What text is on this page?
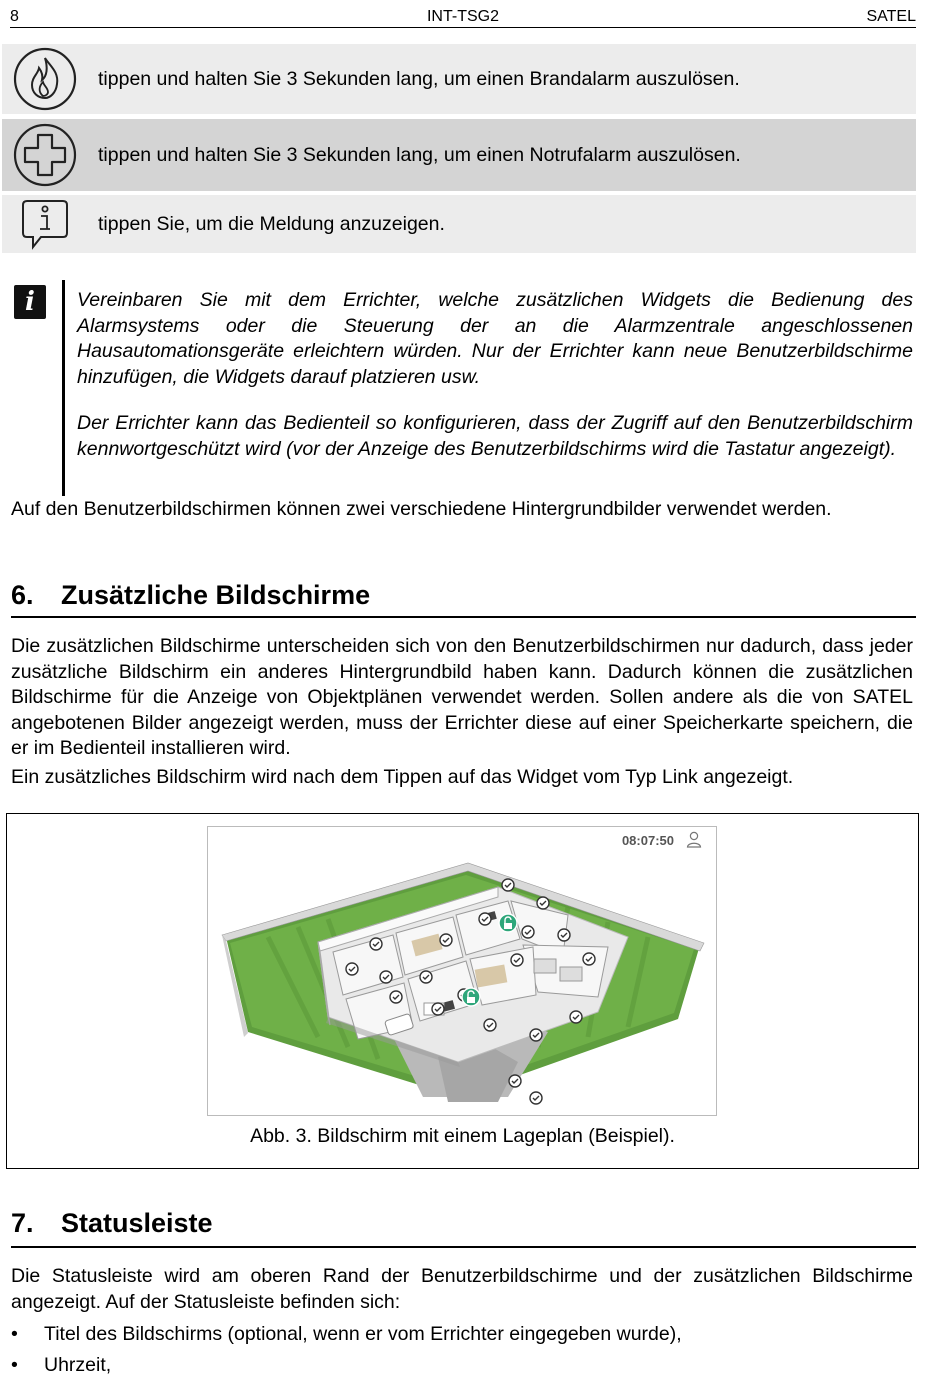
8	INT-TSG2	SATEL
tippen und halten Sie 3 Sekunden lang, um einen Brandalarm auszulösen.
tippen und halten Sie 3 Sekunden lang, um einen Notrufalarm auszulösen.
tippen Sie, um die Meldung anzuzeigen.
i	Vereinbaren Sie mit dem Errichter, welche zusätzlichen Widgets die Bedienung des Alarmsystems oder die Steuerung der an die Alarmzentrale angeschlossenen Hausautomationsgeräte erleichtern würden. Nur der Errichter kann neue Benutzerbildschirme hinzufügen, die Widgets darauf platzieren usw.

Der Errichter kann das Bedienteil so konfigurieren, dass der Zugriff auf den Benutzerbildschirm kennwortgeschützt wird (vor der Anzeige des Benutzerbildschirms wird die Tastatur angezeigt).

Auf den Benutzerbildschirmen können zwei verschiedene Hintergrundbilder verwendet werden.

6. Zusätzliche Bildschirme

Die zusätzlichen Bildschirme unterscheiden sich von den Benutzerbildschirmen nur dadurch, dass jeder zusätzliche Bildschirm ein anderes Hintergrundbild haben kann. Dadurch können die zusätzlichen Bildschirme für die Anzeige von Objektplänen verwendet werden. Sollen andere als die von SATEL angebotenen Bilder angezeigt werden, muss der Errichter diese auf einer Speicherkarte speichern, die er im Bedienteil installieren wird.

Ein zusätzliches Bildschirm wird nach dem Tippen auf das Widget vom Typ Link angezeigt.

08:07:50
Abb. 3. Bildschirm mit einem Lageplan (Beispiel).
7. Statusleiste

Die Statusleiste wird am oberen Rand der Benutzerbildschirme und der zusätzlichen Bildschirme angezeigt. Auf der Statusleiste befinden sich:

• Titel des Bildschirms (optional, wenn er vom Errichter eingegeben wurde),
• Uhrzeit,
